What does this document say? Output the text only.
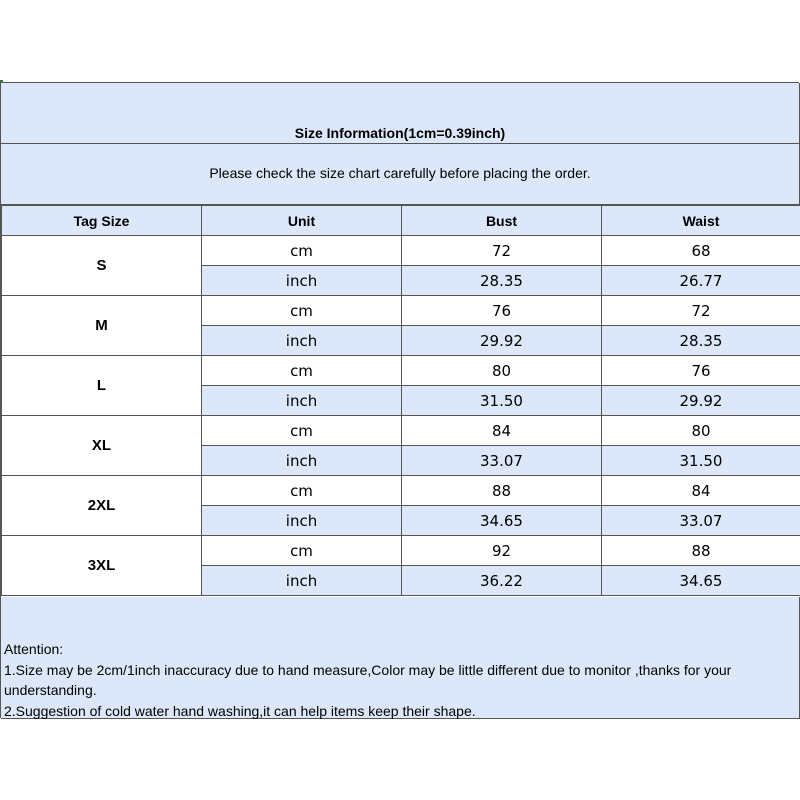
Size Information(1cm=0.39inch)
Please check the size chart carefully before placing the order.
Tag Size	Unit	Bust	Waist
S	cm	72	68
	inch	28.35	26.77
M	cm	76	72
	inch	29.92	28.35
L	cm	80	76
	inch	31.50	29.92
XL	cm	84	80
	inch	33.07	31.50
2XL	cm	88	84
	inch	34.65	33.07
3XL	cm	92	88
	inch	36.22	34.65
Attention:
1.Size may be 2cm/1inch inaccuracy due to hand measure,Color may be little different due to monitor ,thanks for your understanding.
2.Suggestion of cold water hand washing,it can help items keep their shape.
